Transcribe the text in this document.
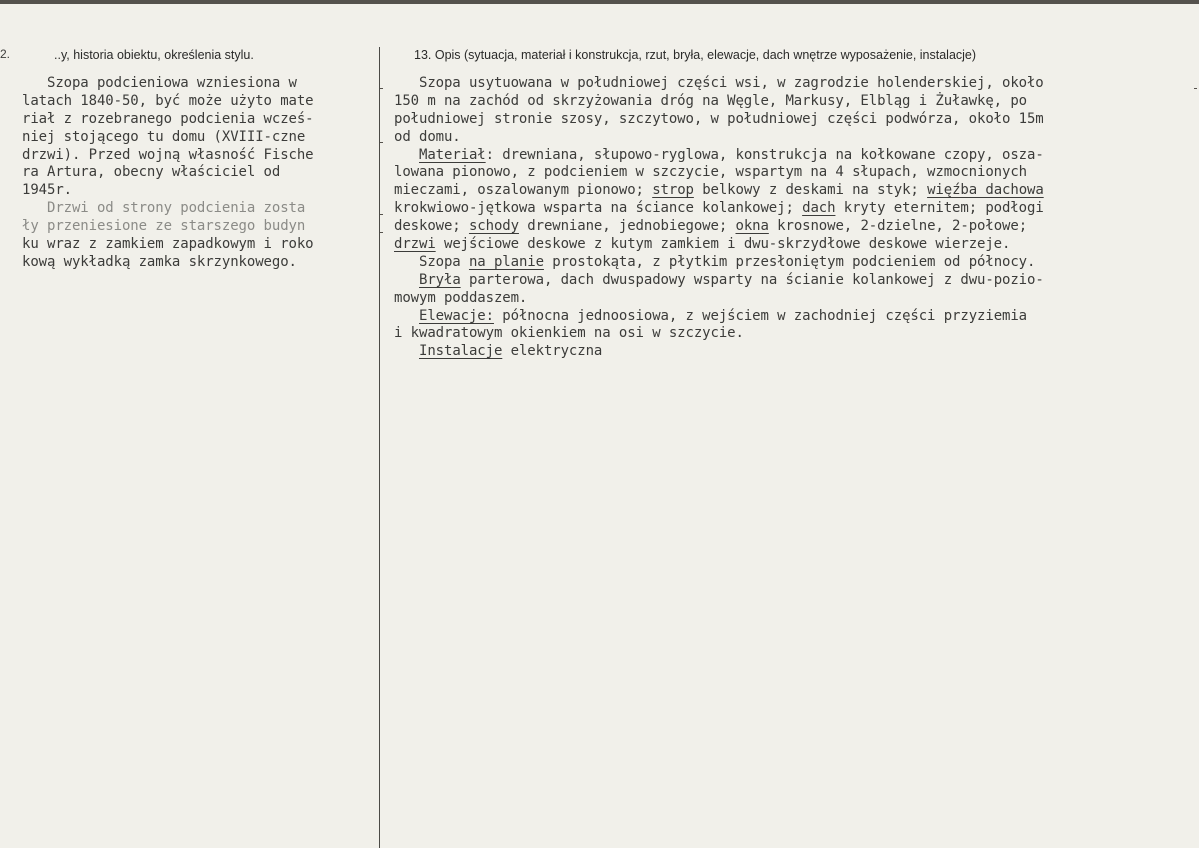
2.	..y, historia obiektu, określenia stylu.	13. Opis (sytuacja, materiał i konstrukcja, rzut, bryła, elewacje, dach wnętrze wyposażenie, instalacje)
Szopa podcieniowa wzniesiona w
latach 1840-50, być może użyto mate
riał z rozebranego podcienia wcześ-
niej stojącego tu domu (XVIII-czne
drzwi). Przed wojną własność Fische
ra Artura, obecny właściciel od
1945r.
Drzwi od strony podcienia zosta
ły przeniesione ze starszego budyn
ku wraz z zamkiem zapadkowym i roko
kową wykładką zamka skrzynkowego.
Szopa usytuowana w południowej części wsi, w zagrodzie holenderskiej, około
150 m na zachód od skrzyżowania dróg na Węgle, Markusy, Elbląg i Żuławkę, po
południowej stronie szosy, szczytowo, w południowej części podwórza, około 15m
od domu.
Materiał: drewniana, słupowo-ryglowa, konstrukcja na kołkowane czopy, osza-
lowana pionowo, z podcieniem w szczycie, wspartym na 4 słupach, wzmocnionych
mieczami, oszalowanym pionowo; strop belkowy z deskami na styk; więźba dachowa
krokwiowo-jętkowa wsparta na ściance kolankowej; dach kryty eternitem; podłogi
deskowe; schody drewniane, jednobiegowe; okna krosnowe, 2-dzielne, 2-połowe;
drzwi wejściowe deskowe z kutym zamkiem i dwu-skrzydłowe deskowe wierzeje.
Szopa na planie prostokąta, z płytkim przesłoniętym podcieniem od północy.
Bryła parterowa, dach dwuspadowy wsparty na ścianie kolankowej z dwu-pozio-
mowym poddaszem.
Elewacje: północna jednoosiowa, z wejściem w zachodniej części przyziemia
i kwadratowym okienkiem na osi w szczycie.
Instalacje elektryczna
